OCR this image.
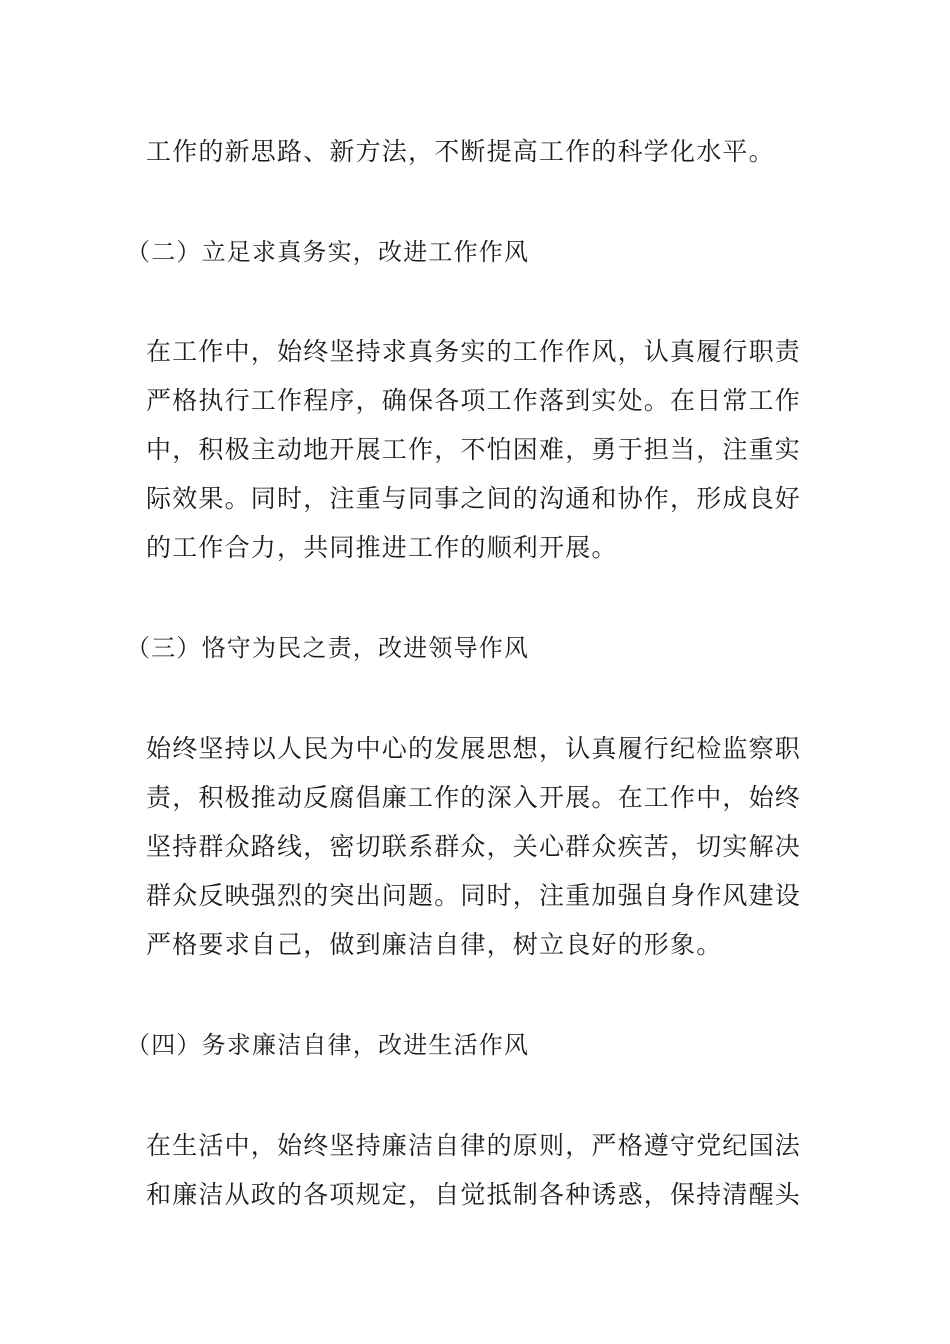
工作的新思路、新方法，不断提高工作的科学化水平。
（二）立足求真务实，改进工作作风
在工作中，始终坚持求真务实的工作作风，认真履行职责
严格执行工作程序，确保各项工作落到实处。在日常工作
中，积极主动地开展工作，不怕困难，勇于担当，注重实
际效果。同时，注重与同事之间的沟通和协作，形成良好
的工作合力，共同推进工作的顺利开展。
（三）恪守为民之责，改进领导作风
始终坚持以人民为中心的发展思想，认真履行纪检监察职
责，积极推动反腐倡廉工作的深入开展。在工作中，始终
坚持群众路线，密切联系群众，关心群众疾苦，切实解决
群众反映强烈的突出问题。同时，注重加强自身作风建设
严格要求自己，做到廉洁自律，树立良好的形象。
（四）务求廉洁自律，改进生活作风
在生活中，始终坚持廉洁自律的原则，严格遵守党纪国法
和廉洁从政的各项规定，自觉抵制各种诱惑，保持清醒头
